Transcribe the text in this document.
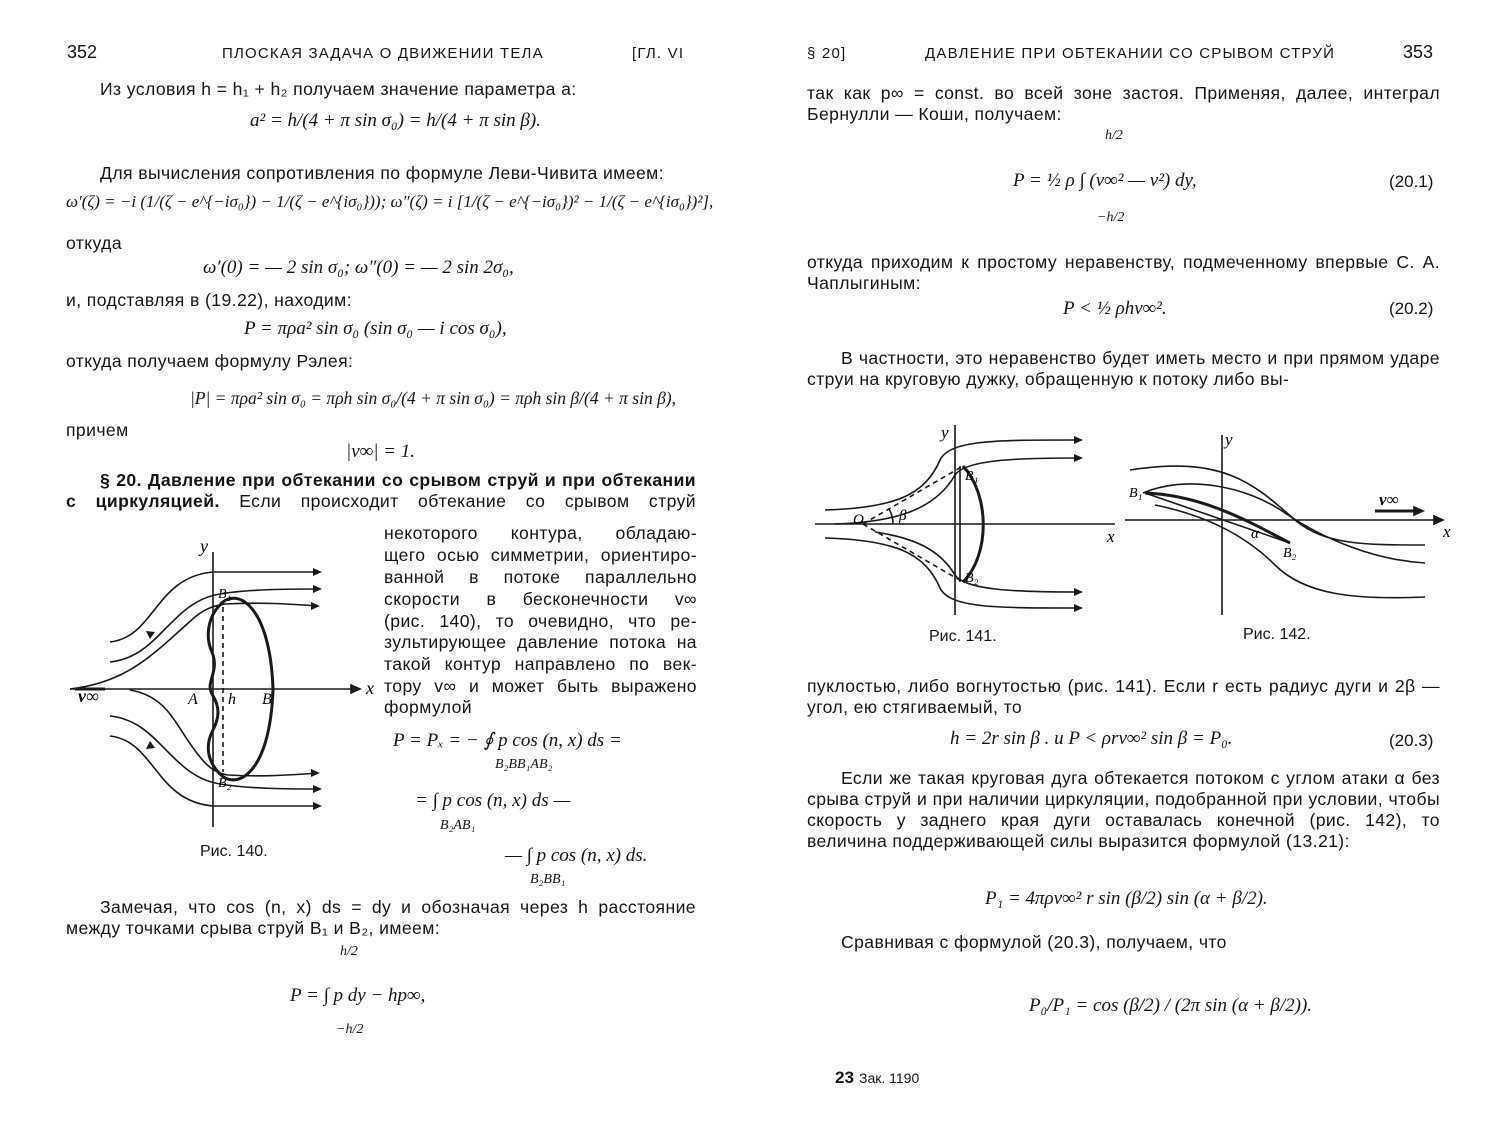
352	ПЛОСКАЯ ЗАДАЧА О ДВИЖЕНИИ ТЕЛА	[ГЛ. VI
Из условия h = h₁ + h₂ получаем значение параметра a:
a² = h/(4 + π sin σ₀) = h/(4 + π sin β).
Для вычисления сопротивления по формуле Леви-Чивита имеем:
ω′(ζ) = −i (1/(ζ − e^{−iσ₀}) − 1/(ζ − e^{iσ₀})); ω″(ζ) = i [1/(ζ − e^{−iσ₀})² − 1/(ζ − e^{iσ₀})²],
откуда
ω′(0) = — 2 sin σ₀; ω″(0) = — 2 sin 2σ₀,
и, подставляя в (19.22), находим:
P = πρa² sin σ₀ (sin σ₀ — i cos σ₀),
откуда получаем формулу Рэлея:
|P| = πρa² sin σ₀ = πρh sin σ₀/(4 + π sin σ₀) = πρh sin β/(4 + π sin β),
причем
|v∞| = 1.
§ 20. Давление при обтекании со срывом струй и при обтекании с циркуляцией. Если происходит обтекание со срывом струй
некоторого контура, обладаю-
щего осью симметрии, ориентиро-
ванной в потоке параллельно
скорости в бесконечности v∞
(рис. 140), то очевидно, что ре-
зультирующее давление потока на
такой контур направлено по век-
тору v∞ и может быть выражено
формулой
P = Pₓ = − ∮ p cos (n, x) ds =
B₂BB₁AB₂
= ∫ p cos (n, x) ds —
B₂AB₁
— ∫ p cos (n, x) ds.
B₂BB₁
y
x
v∞	A h B
B₁
B₂
Рис. 140.
Замечая, что cos (n, x) ds = dy и обозначая через h расстояние между точками срыва струй B₁ и B₂, имеем:
h/2
P = ∫ p dy − hp∞,
−h/2
§ 20]	ДАВЛЕНИЕ ПРИ ОБТЕКАНИИ СО СРЫВОМ СТРУЙ	353
так как p∞ = const. во всей зоне застоя. Применяя, далее, интеграл Бернулли — Коши, получаем:
h/2
P = ½ ρ ∫ (v∞² — v²) dy,
−h/2
(20.1)
откуда приходим к простому неравенству, подмеченному впервые С. А. Чаплыгиным:
P < ½ ρhv∞².	(20.2)
В частности, это неравенство будет иметь место и при прямом ударе струи на круговую дужку, обращенную к потоку либо вы-
y
x
O β
B₁
B₂
Рис. 141.
y
x
v∞
α
B₁
B₂
Рис. 142.
пуклостью, либо вогнутостью (рис. 141). Если r есть радиус дуги и 2β — угол, ею стягиваемый, то
h = 2r sin β . и P < ρrv∞² sin β = P₀.	(20.3)
Если же такая круговая дуга обтекается потоком с углом атаки α без срыва струй и при наличии циркуляции, подобранной при условии, чтобы скорость у заднего края дуги оставалась конечной (рис. 142), то величина поддерживающей силы выразится формулой (13.21):
P₁ = 4πρv∞² r sin (β/2) sin (α + β/2).
Сравнивая с формулой (20.3), получаем, что
P₀/P₁ = cos (β/2) / (2π sin (α + β/2)).
23 Зак. 1190
